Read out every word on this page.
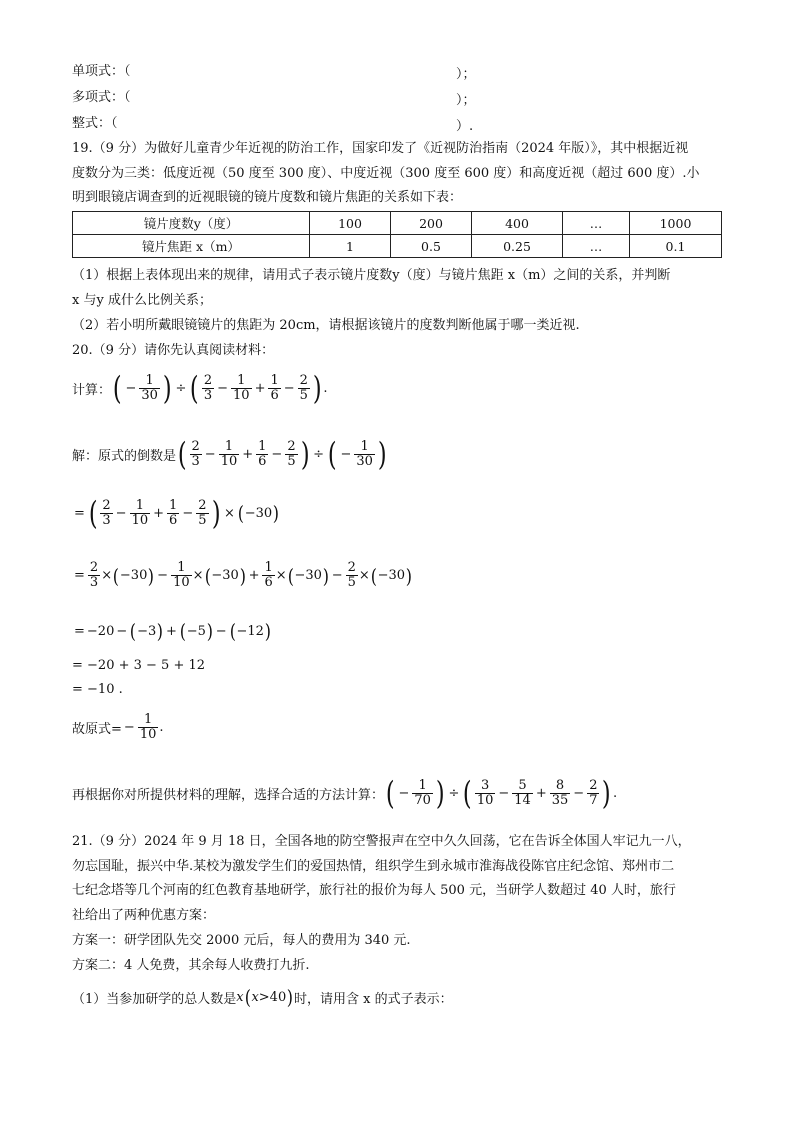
单项式：（	）；
多项式：（	）；
整式：（	）.
19.（9 分）为做好儿童青少年近视的防治工作，国家印发了《近视防治指南（2024 年版）》，其中根据近视
度数分为三类：低度近视（50 度至 300 度）、中度近视（300 度至 600 度）和高度近视（超过 600 度）.小
明到眼镜店调查到的近视眼镜的镜片度数和镜片焦距的关系如下表：
镜片度数y（度）	100	200	400	…	1000
镜片焦距 x（m）	1	0.5	0.25	…	0.1
（1）根据上表体现出来的规律，请用式子表示镜片度数y（度）与镜片焦距 x（m）之间的关系，并判断
x 与y 成什么比例关系；
（2）若小明所戴眼镜镜片的焦距为 20cm，请根据该镜片的度数判断他属于哪一类近视.
20.（9 分）请你先认真阅读材料：
计算： ( − $\frac{1}{30}$ ) ÷ ( $\frac{2}{3} - \frac{1}{10} + \frac{1}{6} - \frac{2}{5}$ ) .
解：原式的倒数是 ( $\frac{2}{3} - \frac{1}{10} + \frac{1}{6} - \frac{2}{5}$ ) ÷ ( − $\frac{1}{30}$ )
= ( $\frac{2}{3} - \frac{1}{10} + \frac{1}{6} - \frac{2}{5}$ ) × ( −30 )
= $\frac{2}{3}$ × ( −30 ) − $\frac{1}{10}$ × ( −30 ) + $\frac{1}{6}$ × ( −30 ) − $\frac{2}{5}$ × ( −30 )
= −20 − ( −3 ) + ( −5 ) − ( −12 )
= −20 + 3 − 5 + 12
= −10 .
故原式= − $\frac{1}{10}$ .
再根据你对所提供材料的理解，选择合适的方法计算： ( − $\frac{1}{70}$ ) ÷ ( $\frac{3}{10} - \frac{5}{14} + \frac{8}{35} - \frac{2}{7}$ ) .
21.（9 分）2024 年 9 月 18 日，全国各地的防空警报声在空中久久回荡，它在告诉全体国人牢记九一八，
勿忘国耻，振兴中华.某校为激发学生们的爱国热情，组织学生到永城市淮海战役陈官庄纪念馆、郑州市二
七纪念塔等几个河南的红色教育基地研学，旅行社的报价为每人 500 元，当研学人数超过 40 人时，旅行
社给出了两种优惠方案：
方案一：研学团队先交 2000 元后，每人的费用为 340 元.
方案二：4 人免费，其余每人收费打九折.
（1）当参加研学的总人数是 x ( x >40 ) 时，请用含 x 的式子表示：
